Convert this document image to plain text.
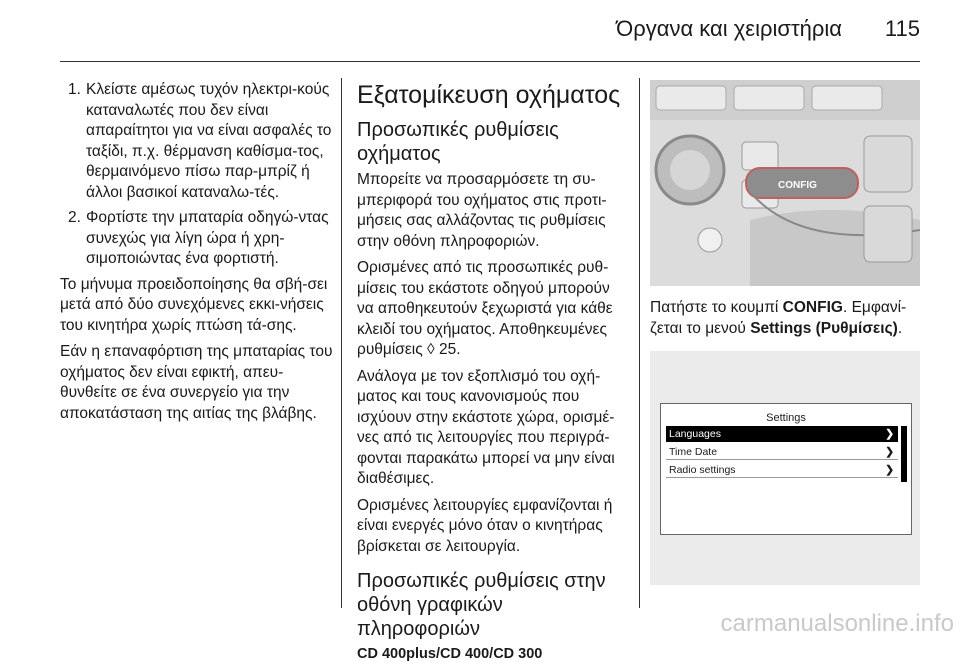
Όργανα και χειριστήρια 115
1. Κλείστε αμέσως τυχόν ηλεκτρι-κούς καταναλωτές που δεν είναι απαραίτητοι για να είναι ασφαλές το ταξίδι, π.χ. θέρμανση καθίσμα-τος, θερμαινόμενο πίσω παρ-μπρίζ ή άλλοι βασικοί καταναλω-τές.
2. Φορτίστε την μπαταρία οδηγώ-ντας συνεχώς για λίγη ώρα ή χρη-σιμοποιώντας ένα φορτιστή.

Το μήνυμα προειδοποίησης θα σβή-σει μετά από δύο συνεχόμενες εκκι-νήσεις του κινητήρα χωρίς πτώση τά-σης.

Εάν η επαναφόρτιση της μπαταρίας του οχήματος δεν είναι εφικτή, απευ-θυνθείτε σε ένα συνεργείο για την αποκατάσταση της αιτίας της βλάβης.

Εξατομίκευση οχήματος
Προσωπικές ρυθμίσεις οχήματος

Μπορείτε να προσαρμόσετε τη συ-μπεριφορά του οχήματος στις προτι-μήσεις σας αλλάζοντας τις ρυθμίσεις στην οθόνη πληροφοριών.

Ορισμένες από τις προσωπικές ρυθ-μίσεις του εκάστοτε οδηγού μπορούν να αποθηκευτούν ξεχωριστά για κάθε κλειδί του οχήματος. Αποθηκευμένες ρυθμίσεις ◊ 25.

Ανάλογα με τον εξοπλισμό του οχή-ματος και τους κανονισμούς που ισχύουν στην εκάστοτε χώρα, ορισμέ-νες από τις λειτουργίες που περιγρά-φονται παρακάτω μπορεί να μην είναι διαθέσιμες.

Ορισμένες λειτουργίες εμφανίζονται ή είναι ενεργές μόνο όταν ο κινητήρας βρίσκεται σε λειτουργία.

Προσωπικές ρυθμίσεις στην οθόνη γραφικών πληροφοριών
CD 400plus/CD 400/CD 300
CONFIG

Πατήστε το κουμπί CONFIG. Εμφανί-ζεται το μενού Settings (Ρυθμίσεις).

Settings
Languages	❯
Time Date	❯
Radio settings	❯
carmanualsonline.info
